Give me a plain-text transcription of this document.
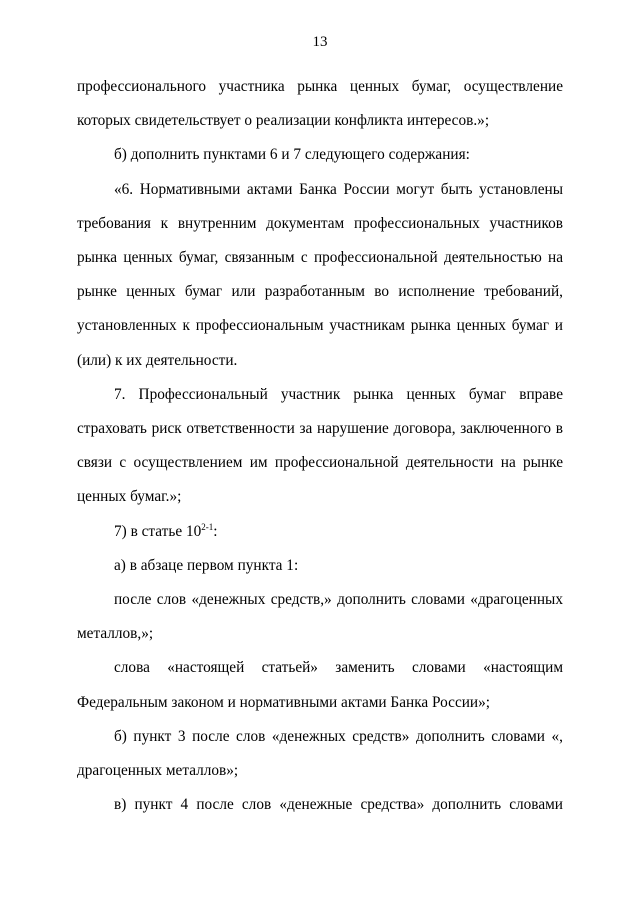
13

профессионального участника рынка ценных бумаг, осуществление которых свидетельствует о реализации конфликта интересов.»;

б) дополнить пунктами 6 и 7 следующего содержания:

«6. Нормативными актами Банка России могут быть установлены требования к внутренним документам профессиональных участников рынка ценных бумаг, связанным с профессиональной деятельностью на рынке ценных бумаг или разработанным во исполнение требований, установленных к профессиональным участникам рынка ценных бумаг и (или) к их деятельности.

7. Профессиональный участник рынка ценных бумаг вправе страховать риск ответственности за нарушение договора, заключенного в связи с осуществлением им профессиональной деятельности на рынке ценных бумаг.»;

7) в статье 10$^{2-1}$:

а) в абзаце первом пункта 1:

после слов «денежных средств,» дополнить словами «драгоценных металлов,»;

слова «настоящей статьей» заменить словами «настоящим Федеральным законом и нормативными актами Банка России»;

б) пункт 3 после слов «денежных средств» дополнить словами «, драгоценных металлов»;

в) пункт 4 после слов «денежные средства» дополнить словами
